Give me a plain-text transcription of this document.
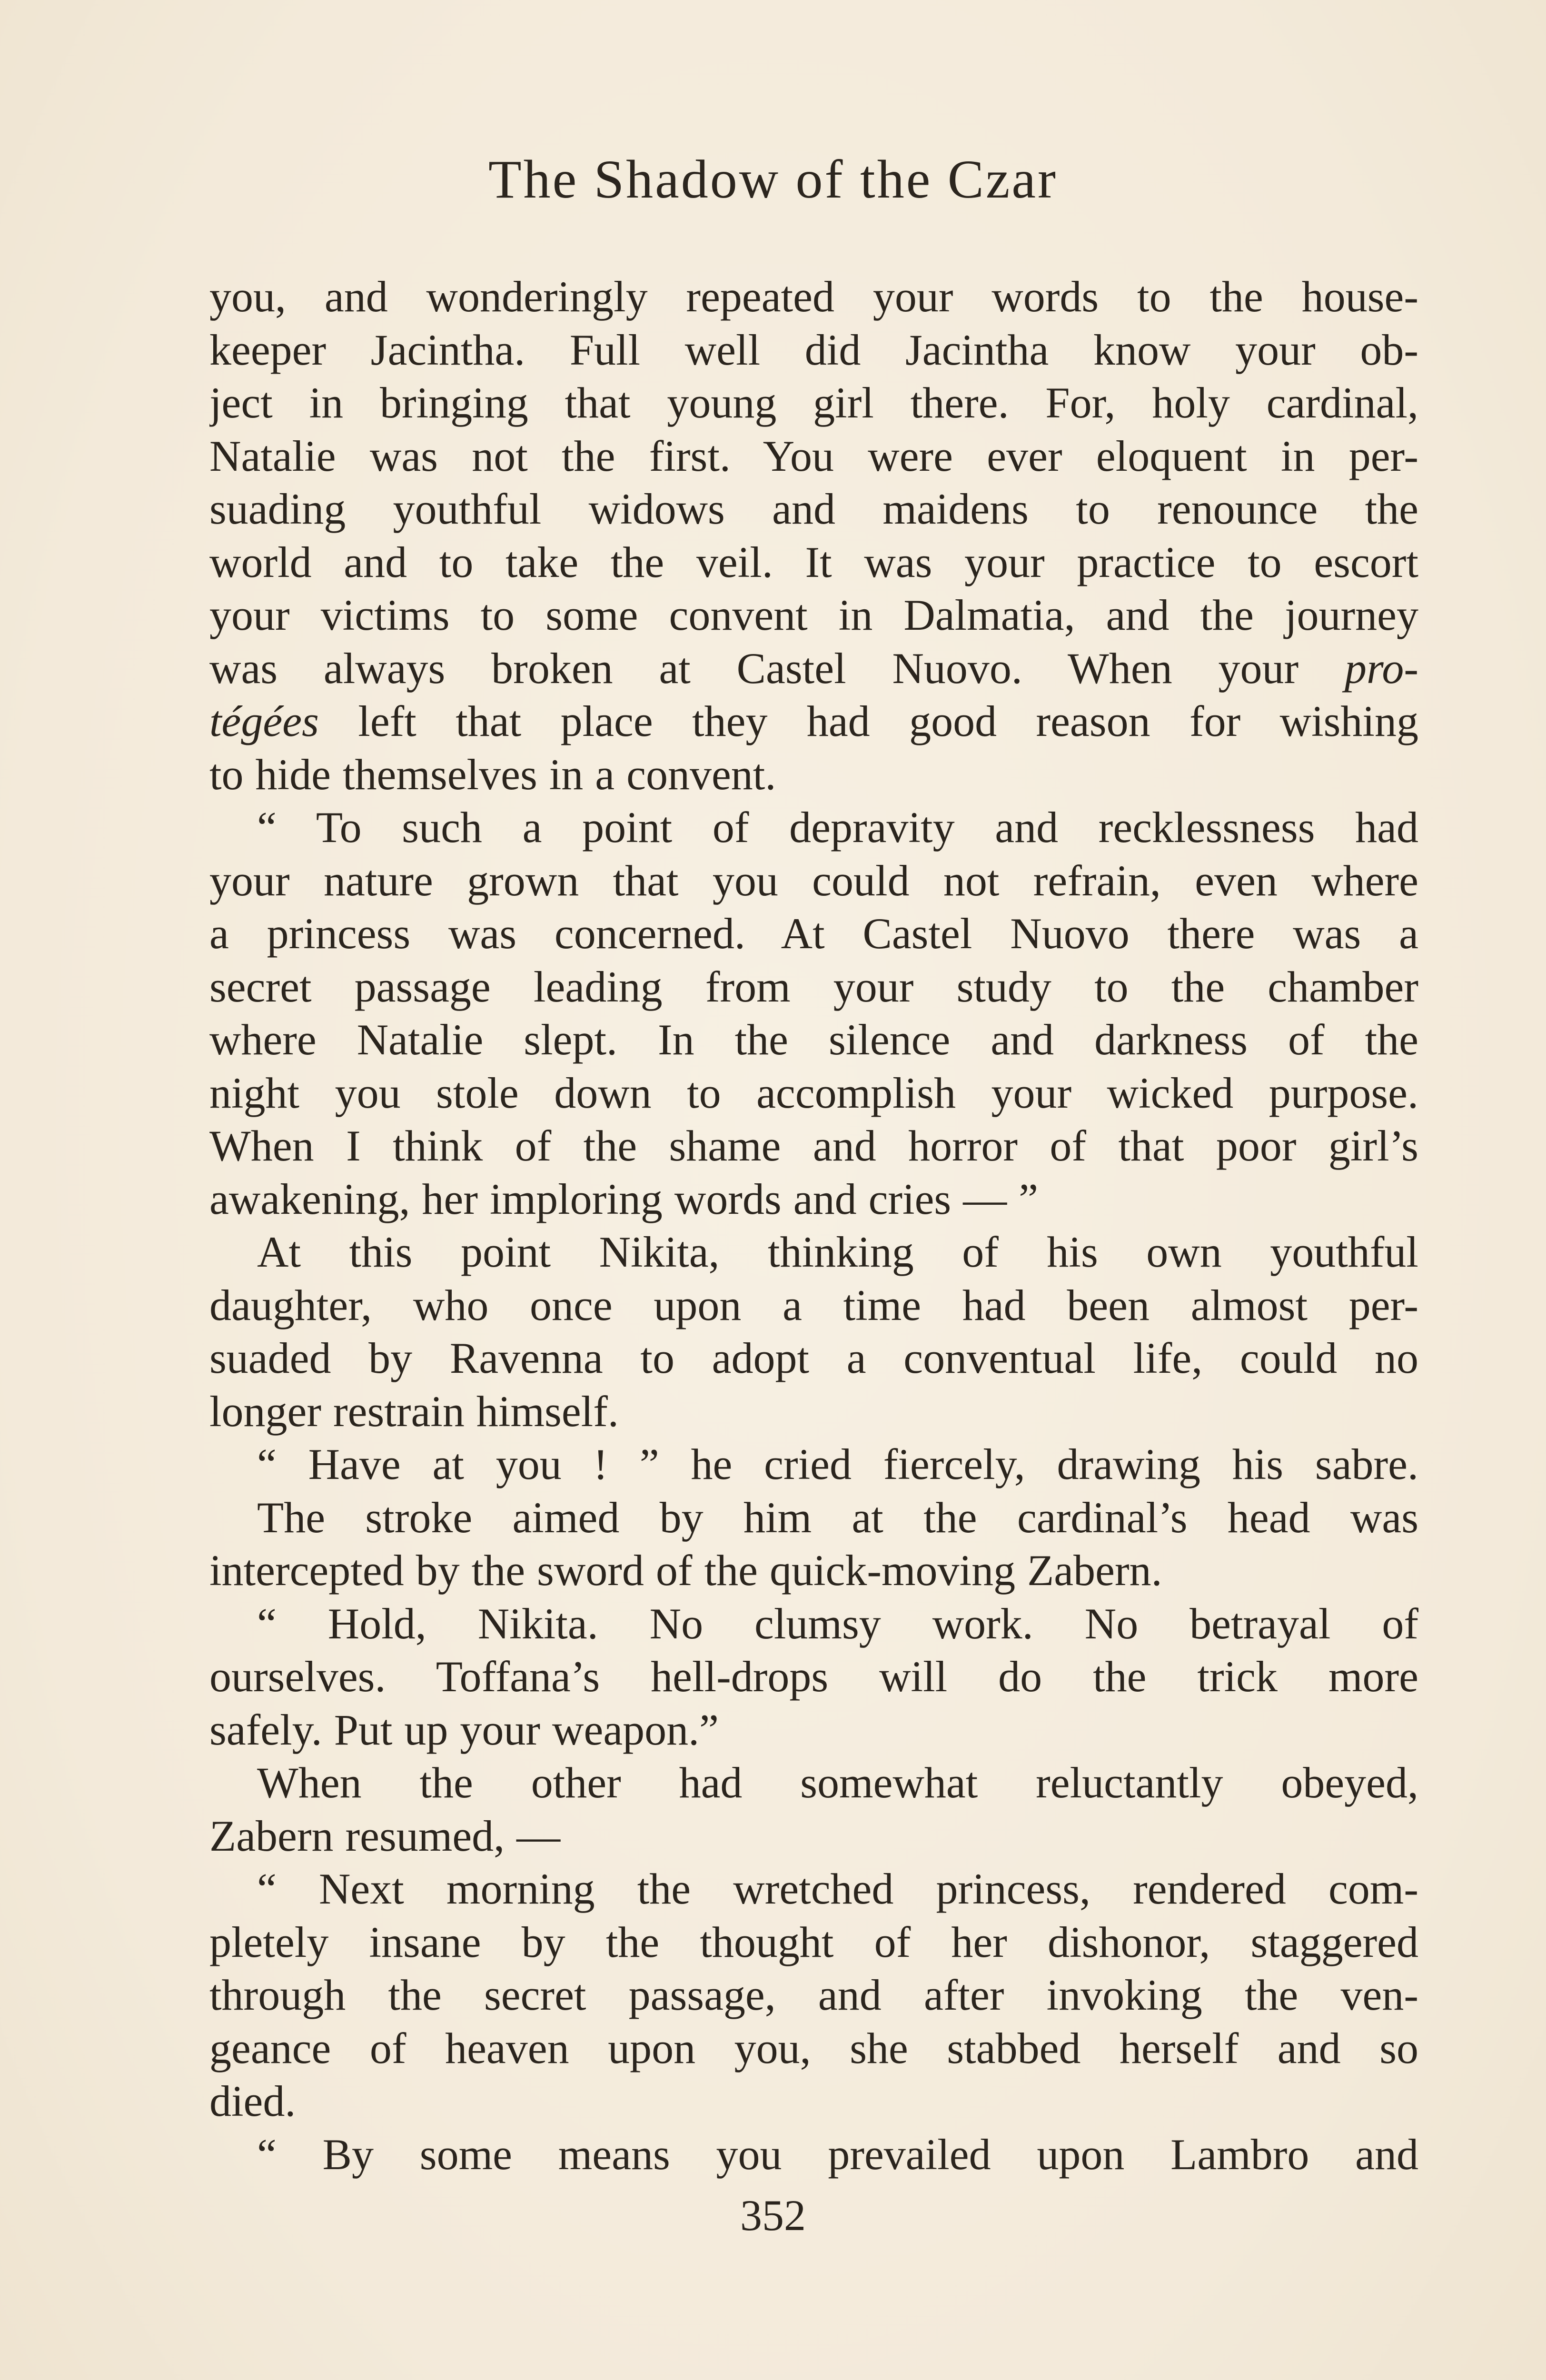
The Shadow of the Czar
you, and wonderingly repeated your words to the house-
keeper Jacintha. Full well did Jacintha know your ob-
ject in bringing that young girl there. For, holy cardinal,
Natalie was not the first. You were ever eloquent in per-
suading youthful widows and maidens to renounce the
world and to take the veil. It was your practice to escort
your victims to some convent in Dalmatia, and the journey
was always broken at Castel Nuovo. When your pro-
tégées left that place they had good reason for wishing
to hide themselves in a convent.
“ To such a point of depravity and recklessness had
your nature grown that you could not refrain, even where
a princess was concerned. At Castel Nuovo there was a
secret passage leading from your study to the chamber
where Natalie slept. In the silence and darkness of the
night you stole down to accomplish your wicked purpose.
When I think of the shame and horror of that poor girl’s
awakening, her imploring words and cries — ”
At this point Nikita, thinking of his own youthful
daughter, who once upon a time had been almost per-
suaded by Ravenna to adopt a conventual life, could no
longer restrain himself.
“ Have at you ! ” he cried fiercely, drawing his sabre.
The stroke aimed by him at the cardinal’s head was
intercepted by the sword of the quick-moving Zabern.
“ Hold, Nikita. No clumsy work. No betrayal of
ourselves. Toffana’s hell-drops will do the trick more
safely. Put up your weapon.”
When the other had somewhat reluctantly obeyed,
Zabern resumed, —
“ Next morning the wretched princess, rendered com-
pletely insane by the thought of her dishonor, staggered
through the secret passage, and after invoking the ven-
geance of heaven upon you, she stabbed herself and so
died.
“ By some means you prevailed upon Lambro and
352
